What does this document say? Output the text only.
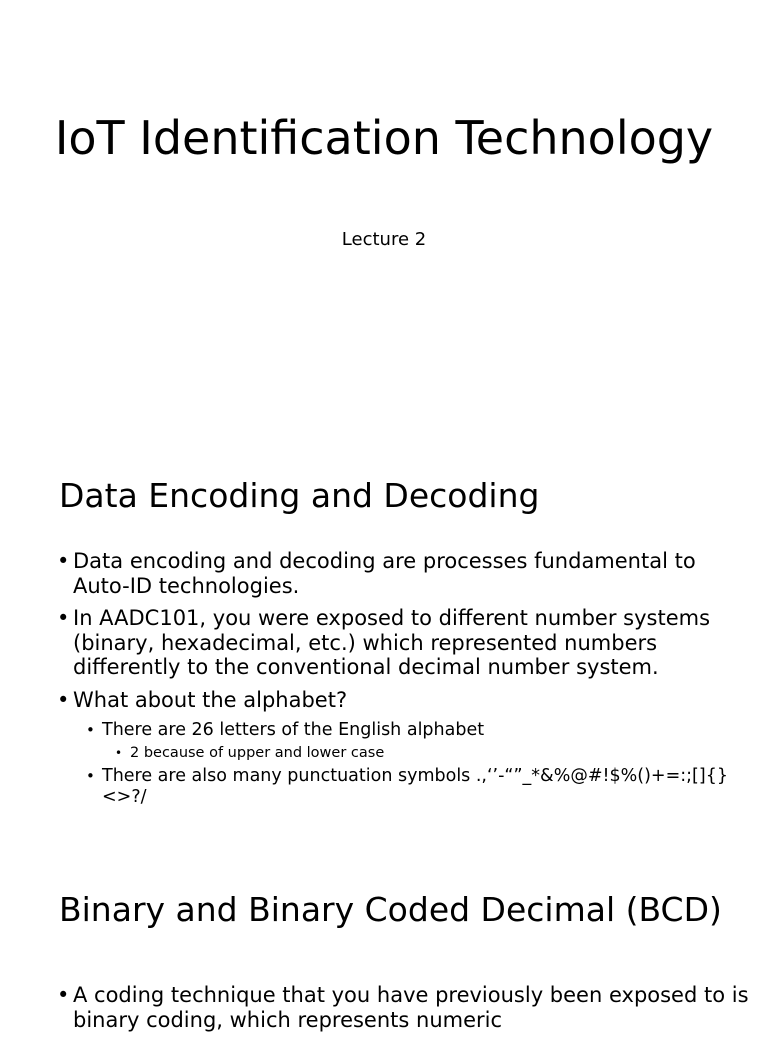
IoT Identification Technology
Lecture 2
Data Encoding and Decoding
• Data encoding and decoding are processes fundamental to Auto-ID technologies.
• In AADC101, you were exposed to different number systems (binary, hexadecimal, etc.) which represented numbers differently to the conventional decimal number system.
• What about the alphabet?
• There are 26 letters of the English alphabet
• 2 because of upper and lower case
• There are also many punctuation symbols .,‘’-“”_*&%@#!$%()+=:;[]{}<>?/
Binary and Binary Coded Decimal (BCD)
• A coding technique that you have previously been exposed to is binary coding, which represents numeric
